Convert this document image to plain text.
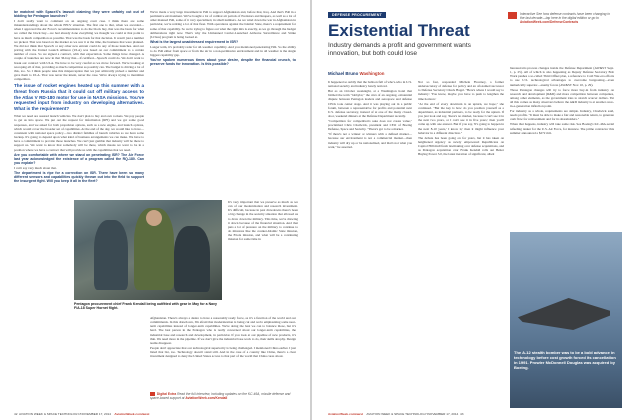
be matched with SpaceX's lawsuit claiming they were unfairly cut out of bidding for Pentagon launches?

I don't really want to comment on an ongoing court case. I think there are some misunderstandings about the whole EELV situation. The first one is that, when we awarded—when I approved the Air Force's recommendation to do the block buy, that was the basis for what we called the block buy—we had already done everything we thought we could at that point to have as much competition as possible. That was the basis for that decision. It wasn't just a number we picked. That was based on the market as we saw it at the time, the business that were planned. We did not think that SpaceX or any other new entrant could do any of those launches. And our pricing with the United Launch Alliance (ULA) was based on our commitment to a certain number of cores. So we signed a contract, with that expectation. Some things have changed. A couple of launches are now in that 36-buy that—if certified—SpaceX could do. We don't want to break our contract with ULA. We have to be very careful as we move forward. We're looking at rescoping all of that, providing as much competition as possibly can. The budget is driving a lot of this, too. So I think people take this misperception that we just arbitrarily picked a number and gave them to ULA. That was never the intent, never the case. We're always trying to maximize competition.

The issue of rocket engines heated up this summer with a threat from Russia that it could cut off military access to the Atlas V RD-180 motor for use in NASA missions. You've requested input from industry on developing alternatives. What is the requirement?

What we need are assured launch vehicles. We don't plan to buy and own rockets. We pay people to get us into space. We put out the request for information (RFI) and we got some good responses, and we asked for both propulsion options, such as a new engine, and launch options, which would cover the broader set of capabilities. At the end of the day, we would like to have—consistent with national space policy—two distinct families of launch vehicles so we have some backup. It's going to depend upon what kind of business arrangements we can make. We have to have a commitment to provide those launches. We can't just gamble that industry will be there to support us. We want to know that somebody will be there, which means we want to be in a position where we have a contract that will provide us with the capabilities that we need.

Are you comfortable with where we stand on penetrating ISR? The Air Force last year acknowledged the existence of a program called the RQ-180. Can you explain?

I can't say very much about that.

The department is ripe for a correction on ISR. There have been so many different sensors and capabilities quickly thrown out into the field to support the insurgent fight. Will you keep it all in the fleet?

We've made a very large investment in ISR to support Afghanistan and, before that, Iraq. And that's ISR in a permissive environment. We've bought a lot of combat air patrols of Predators and Reapers, as well as a lot of other manned ISR, some of it very specialized, in small numbers. As we wind down the war in Afghanistan in particular, we're retiring a lot of that fleet. With operations against the Islamic State, there's a requirement for some of that capability. So we're trying to figure out what the right mix is exactly, as we go through the budget deliberations right now. That's why the Unmanned Carrier-Launched Airborne Surveillance and Strike (Uclass) program is being looked at.

What is the largest unaddressed requirement in ISR?

Longer term, it's probably radar for all-weather capability. And you mentioned penetrating ISR. So the ability to do ISR either from space or from the air in a non-permissive environment and in all weather is the single biggest capability gap.

You've spoken numerous times about your desire, despite the financial crunch, to preserve funds for innovation. Is this possible?
Pentagon procurement chief Frank Kendall being outfitted with gear in May for a Navy F/A-18 Super Hornet flight.

It's very important that we preserve as much as we can of our modernization and research investment. It's difficult, because in past drawdowns there's been a big change in the security situation that allowed us to draw down the military. This time, we're drawing it down because of the financial situation. And that puts a lot of pressure on the military to continue to do missions like the counter-Islamic State mission, the Ebola mission, and what will be a continuing mission for some time in

Afghanistan. There's always a desire to have a reasonably ready force, as it's a function of the world and our commitments. In this drawdown, I'm afraid that modernization is being cut and we're emphasizing some near-term capabilities instead of longer-term capabilities. We're doing the best we can to balance those, but it's hard. The best person in the Pentagon who is really concerned about our longer-term capabilities, the industrial base and research and development, in particular. If you look at our pipeline of new products, it's thin. We need more in the pipeline. If we don't give the industrial base work to do, their skills atrophy. Design teams disappear.

People don't appreciate that our technological superiority is being challenged. I mentioned China earlier. I just listed that list, too. Technology doesn't stand still. And in the case of a country like China, there's a clear investment designed to deny the United States access to that part of the world that China cares about.

Digital Extra Read the full interview, including updates on the KC-46A, missile defense and space-based support at AviationWeek.com/Kendall
42 AVIATION WEEK & SPACE TECHNOLOGY/NOVEMBER 17, 2014 AviationWeek.com/awst
DEFENSE PROCUREMENT
Existential Threat
Industry demands a profit and government wants innovation, but both could lose
Michael Bruno Washington
Interactive See how defense contracts have been changing in the last decade—tap here in the digital edition or go to AviationWeek.com/DefenseContracts

It happened so subtly that the balloon full of who's-who in U.S. national security and industry barely noticed.

But as an October weeknight, at a Washington hotel that birthed the term "lobbyist," the crux of an ongoing, existential dispute between Pentagon leaders and aerospace and defense CEOs took center stage. And it was playing out in a public forum, between a representative for profits and potential next U.S. defense secretary, instead of at one of the many closed-door, weekend dinners at the Defense Department recently.

"Competition for competition's sake does not create value," proclaimed Chris Chadwick, president and CEO of Boeing Defense, Space and Security. "There's got to be a market.

"If there's not a winner or winners with a defined market—because our environment is not a commercial market—then industry will dry up or be nationalized, and that's not what you want," he asserted.

Not so fast, responded Michele Flournoy, a former undersecretary of defense for policy and an oft-named successor to Defense Secretary Chuck Hagel. "Here's where I would say to industry: 'You know, maybe you have to push to lengthen the time horizon.'

"At the end of every downturn is an upturn, we hope," she continued. "But the key is how do you position yourself as a department, as industrial partners, to be ready for the upturn. If you just look and say, 'there's no market, because I can't see it in the next two years, or I can't see it in five years,' then you'll come up with one answer. But if you say, 'It's going to happen in the next 8-10 years,' I know it,' then it might influence your behavior in a different direction."

The debate has been going on for years, but it has taken on heightened urgency as newly empowered Republicans on Capitol Hill mull fresh lawmaking over defense acquisitions, and as Pentagon acquisition czar Frank Kendall rolls out Better Buying Power 3.0, the latest iteration of significant, albeit

bureaucratic-process changes inside the Defense Department (AW&ST Sept. 1, p. 25). All of which is also happening as Deputy Defense Secretary Bob Work pushes a so-called Third Offset plan, a reference to Cold War-era efforts to use U.S. technological advantages to overcome burgeoning—even numerically superior—enemy forces (AW&ST Nov. 10, p. 29).

Those Pentagon changes will try to force more buy-in from industry on research and development (R&D) and more competition between companies, among other elements, as the government tries to stretch scarcer dollars. Yet all this comes as many observers believe the A&D industry is at another once-in-a-generation inflection point.

For industry as a whole, requirements are simple. Industry, Chadwick said, needs profits. "It must be able to make a fair and reasonable return, to generate cash flow for reinvestment and for its shareholders."

When that happens, industry will take some risk. See Boeing's KC-46A aerial refueling tanker for the U.S. Air Force, for instance. The prime contractor this summer announced a $272 mil-

AviationWeek.com/awst AVIATION WEEK & SPACE TECHNOLOGY/NOVEMBER 17, 2014 43
The A-12 stealth bomber was to be a bold advance in technology before cost growth forced its cancellation in 1991. Prowler McDonnell Douglas was acquired by Boeing.
